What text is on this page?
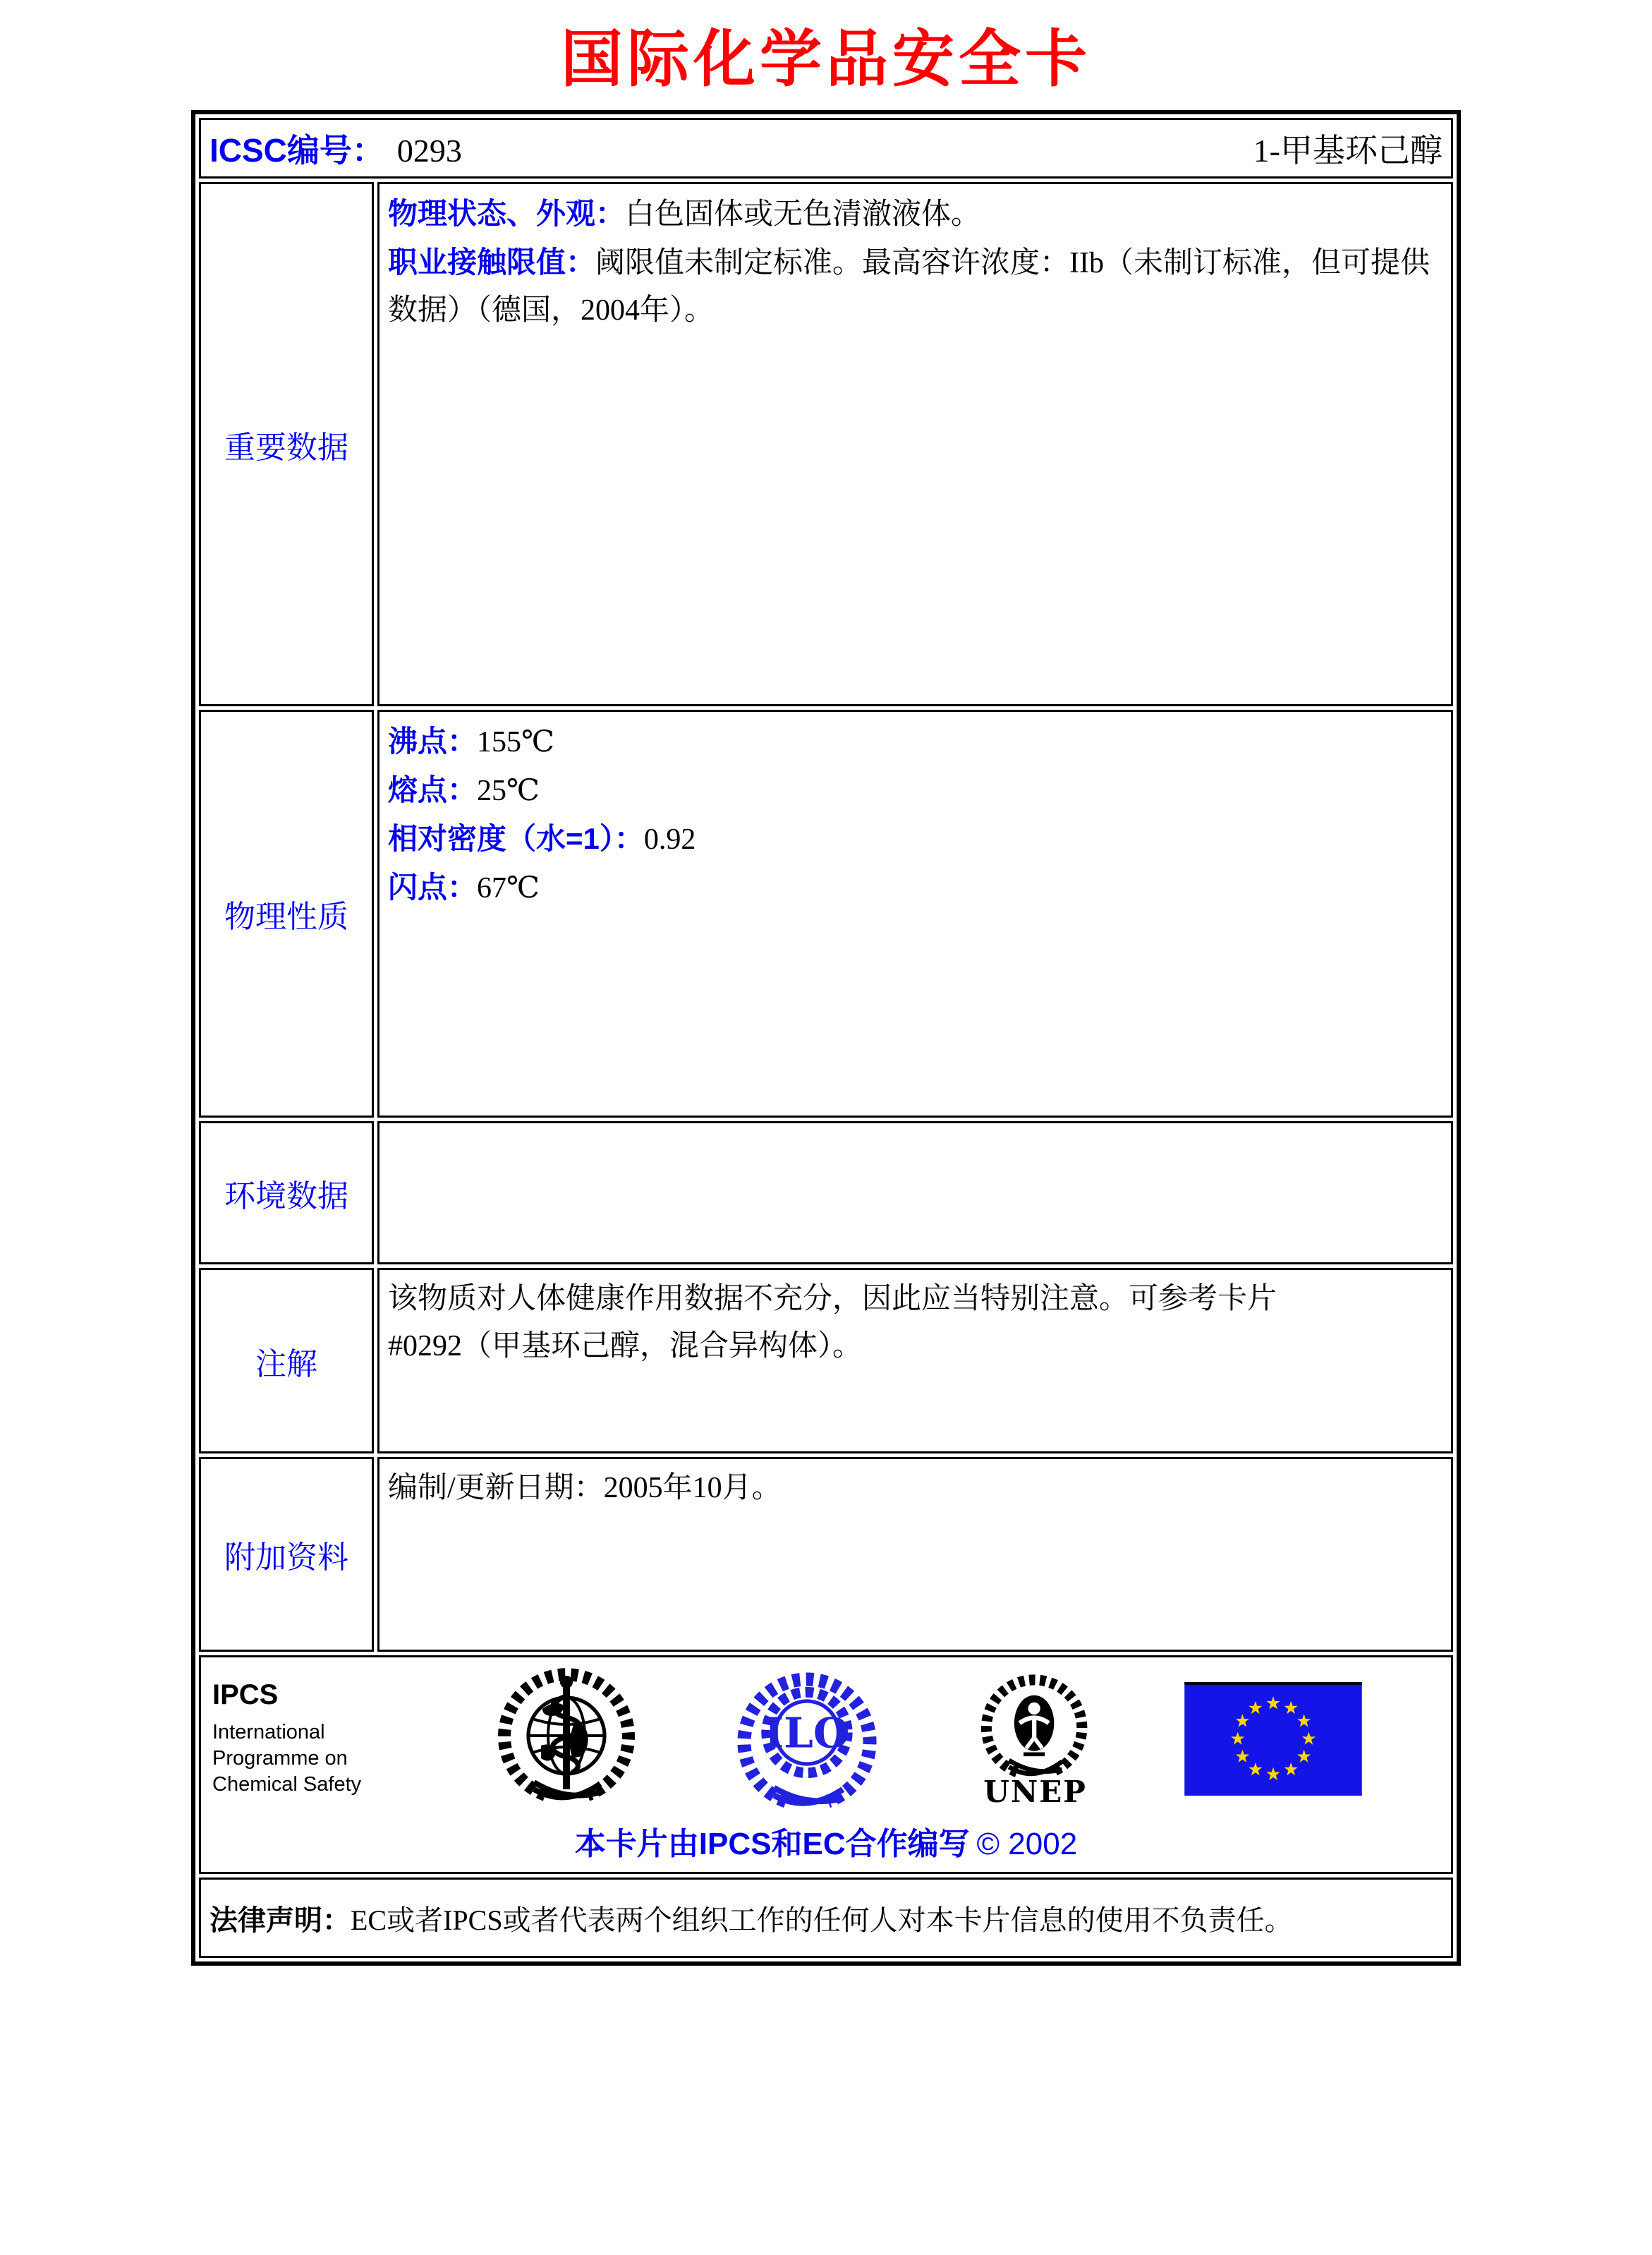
国际化学品安全卡
ICSC编号： 0293 1-甲基环己醇	

重要数据	物理状态、外观：白色固体或无色清澈液体。
职业接触限值：阈限值未制定标准。最高容许浓度：IIb（未制订标准，但可提供数据）（德国，2004年）。

物理性质	沸点：155℃
熔点：25℃
相对密度（水=1）：0.92
闪点：67℃

环境数据	
注解	该物质对人体健康作用数据不充分，因此应当特别注意。可参考卡片
#0292（甲基环己醇，混合异构体）。

附加资料	编制/更新日期：2005年10月。

IPCS
International
Programme on
Chemical Safety
ILO
UNEP
本卡片由IPCS和EC合作编写 © 2002

法律声明：EC或者IPCS或者代表两个组织工作的任何人对本卡片信息的使用不负责任。	
